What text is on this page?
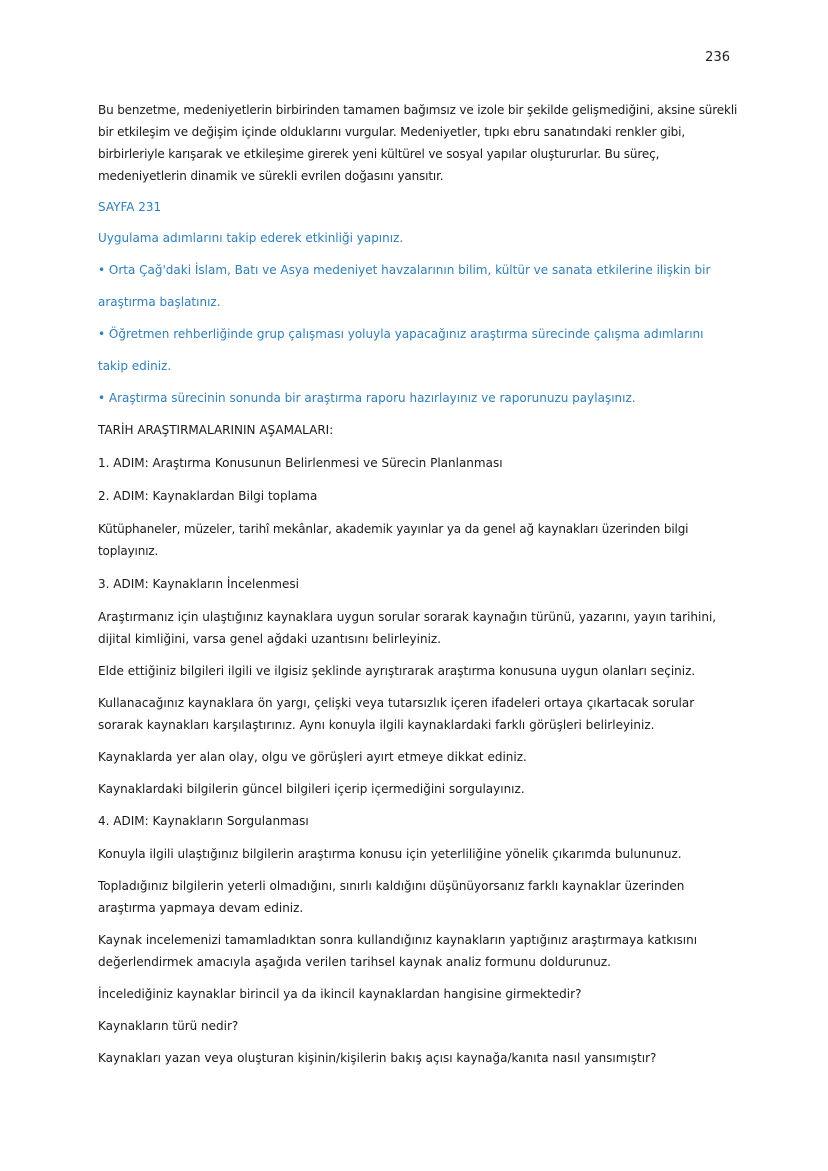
236

Bu benzetme, medeniyetlerin birbirinden tamamen bağımsız ve izole bir şekilde gelişmediğini, aksine sürekli bir etkileşim ve değişim içinde olduklarını vurgular. Medeniyetler, tıpkı ebru sanatındaki renkler gibi, birbirleriyle karışarak ve etkileşime girerek yeni kültürel ve sosyal yapılar oluştururlar. Bu süreç, medeniyetlerin dinamik ve sürekli evrilen doğasını yansıtır.

SAYFA 231
Uygulama adımlarını takip ederek etkinliği yapınız.
• Orta Çağ'daki İslam, Batı ve Asya medeniyet havzalarının bilim, kültür ve sanata etkilerine ilişkin bir
araştırma başlatınız.
• Öğretmen rehberliğinde grup çalışması yoluyla yapacağınız araştırma sürecinde çalışma adımlarını
takip ediniz.
• Araştırma sürecinin sonunda bir araştırma raporu hazırlayınız ve raporunuzu paylaşınız.
TARİH ARAŞTIRMALARININ AŞAMALARI:
1. ADIM: Araştırma Konusunun Belirlenmesi ve Sürecin Planlanması
2. ADIM: Kaynaklardan Bilgi toplama
Kütüphaneler, müzeler, tarihî mekânlar, akademik yayınlar ya da genel ağ kaynakları üzerinden bilgi toplayınız.
3. ADIM: Kaynakların İncelenmesi

Araştırmanız için ulaştığınız kaynaklara uygun sorular sorarak kaynağın türünü, yazarını, yayın tarihini, dijital kimliğini, varsa genel ağdaki uzantısını belirleyiniz.

Elde ettiğiniz bilgileri ilgili ve ilgisiz şeklinde ayrıştırarak araştırma konusuna uygun olanları seçiniz.

Kullanacağınız kaynaklara ön yargı, çelişki veya tutarsızlık içeren ifadeleri ortaya çıkartacak sorular sorarak kaynakları karşılaştırınız. Aynı konuyla ilgili kaynaklardaki farklı görüşleri belirleyiniz.

Kaynaklarda yer alan olay, olgu ve görüşleri ayırt etmeye dikkat ediniz.

Kaynaklardaki bilgilerin güncel bilgileri içerip içermediğini sorgulayınız.

4. ADIM: Kaynakların Sorgulanması

Konuyla ilgili ulaştığınız bilgilerin araştırma konusu için yeterliliğine yönelik çıkarımda bulununuz.

Topladığınız bilgilerin yeterli olmadığını, sınırlı kaldığını düşünüyorsanız farklı kaynaklar üzerinden araştırma yapmaya devam ediniz.

Kaynak incelemenizi tamamladıktan sonra kullandığınız kaynakların yaptığınız araştırmaya katkısını değerlendirmek amacıyla aşağıda verilen tarihsel kaynak analiz formunu doldurunuz.

İncelediğiniz kaynaklar birincil ya da ikincil kaynaklardan hangisine girmektedir?

Kaynakların türü nedir?

Kaynakları yazan veya oluşturan kişinin/kişilerin bakış açısı kaynağa/kanıta nasıl yansımıştır?
